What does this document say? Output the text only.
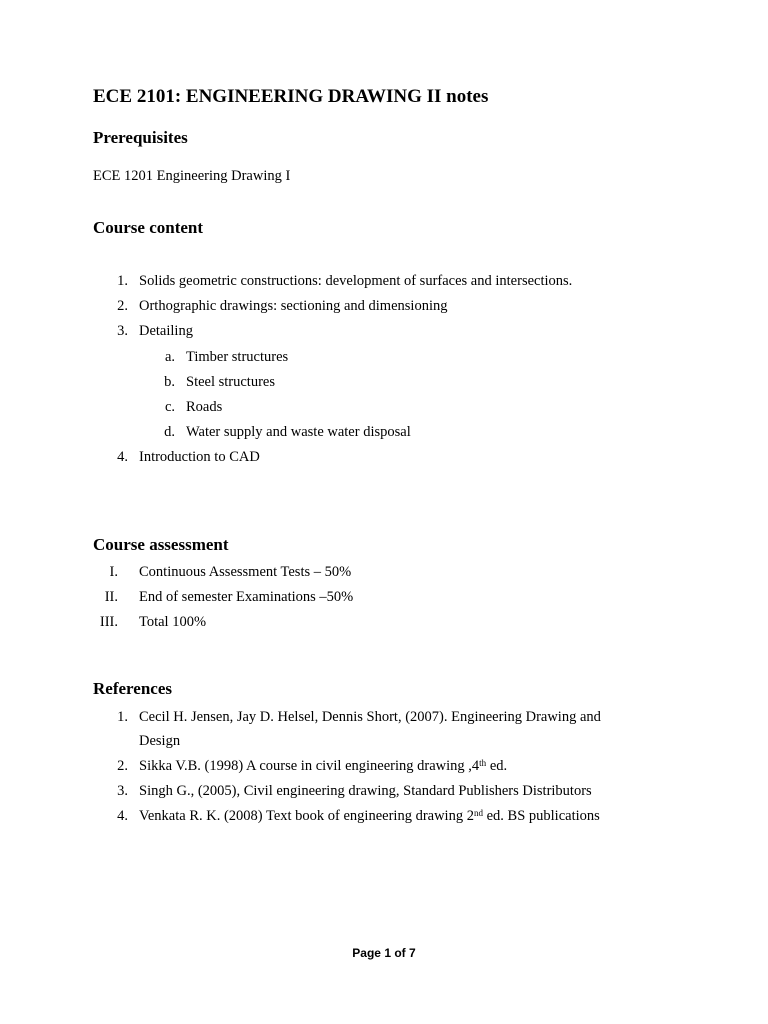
ECE 2101: ENGINEERING DRAWING II notes
Prerequisites

ECE 1201 Engineering Drawing I

Course content
1. Solids geometric constructions: development of surfaces and intersections.
2. Orthographic drawings: sectioning and dimensioning
3. Detailing
a. Timber structures
b. Steel structures
c. Roads
d. Water supply and waste water disposal
4. Introduction to CAD
Course assessment
I. Continuous Assessment Tests – 50%
II. End of semester Examinations –50%
III. Total 100%
References
1. Cecil H. Jensen, Jay D. Helsel, Dennis Short, (2007). Engineering Drawing and
Design
2. Sikka V.B. (1998) A course in civil engineering drawing ,4th ed.
3. Singh G., (2005), Civil engineering drawing, Standard Publishers Distributors
4. Venkata R. K. (2008) Text book of engineering drawing 2nd ed. BS publications
Page 1 of 7
